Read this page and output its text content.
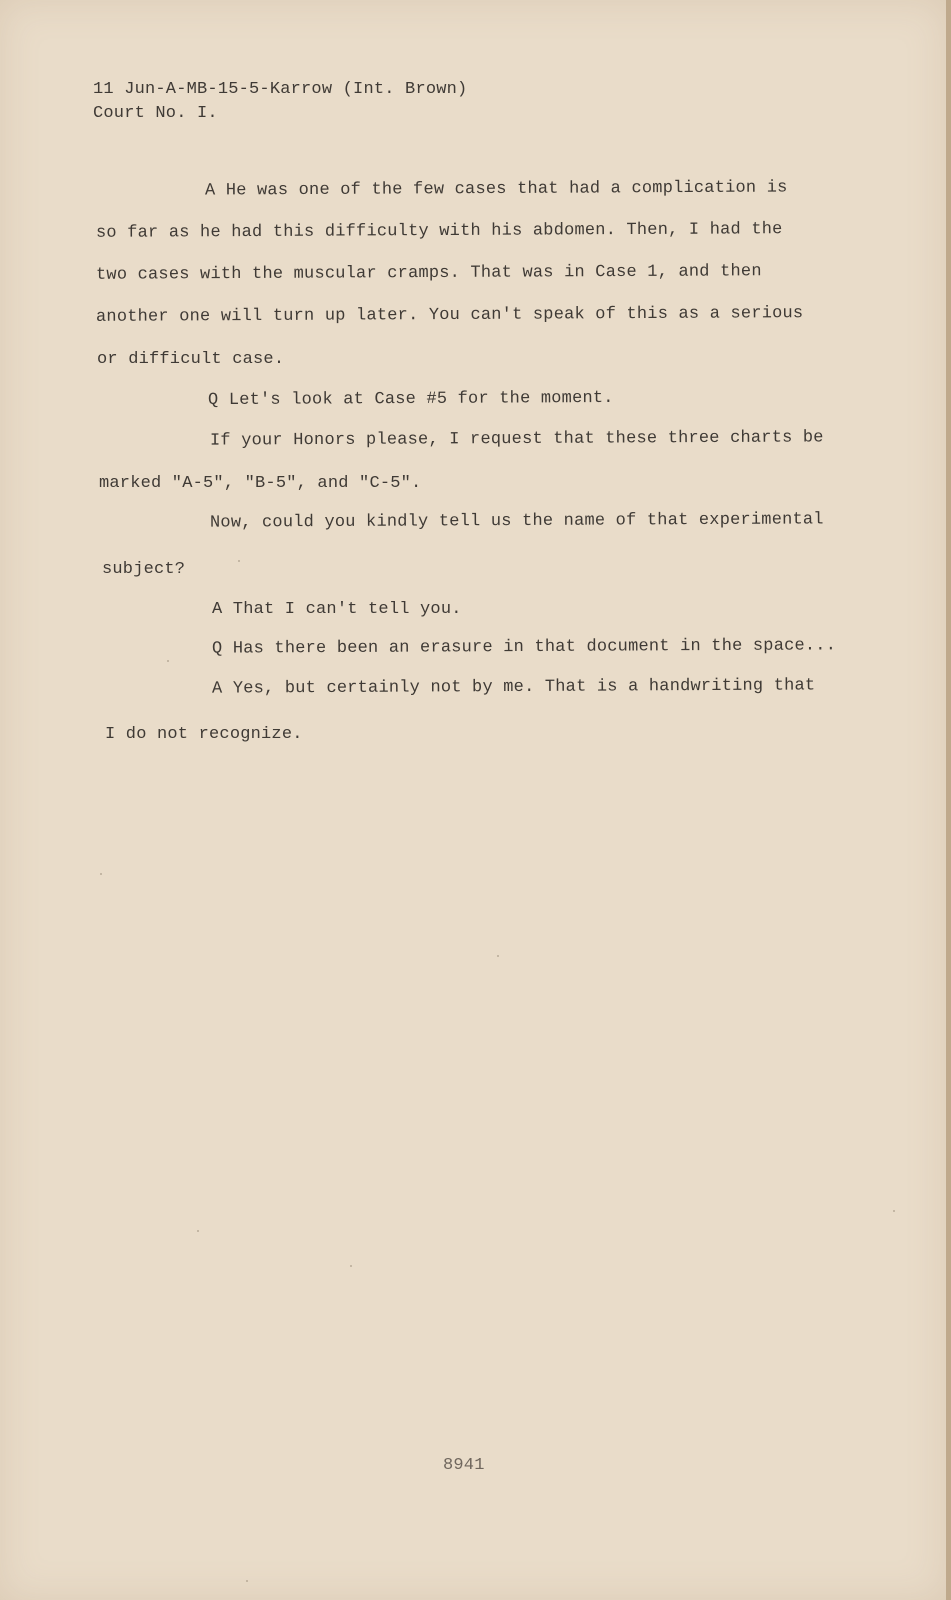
11 Jun-A-MB-15-5-Karrow (Int. Brown)
Court No. I.
A He was one of the few cases that had a complication is
so far as he had this difficulty with his abdomen. Then, I had the
two cases with the muscular cramps. That was in Case 1, and then
another one will turn up later. You can't speak of this as a serious
or difficult case.
Q Let's look at Case #5 for the moment.
If your Honors please, I request that these three charts be
marked "A-5", "B-5", and "C-5".
Now, could you kindly tell us the name of that experimental
subject?
A That I can't tell you.
Q Has there been an erasure in that document in the space...
A Yes, but certainly not by me. That is a handwriting that
I do not recognize.
8941
